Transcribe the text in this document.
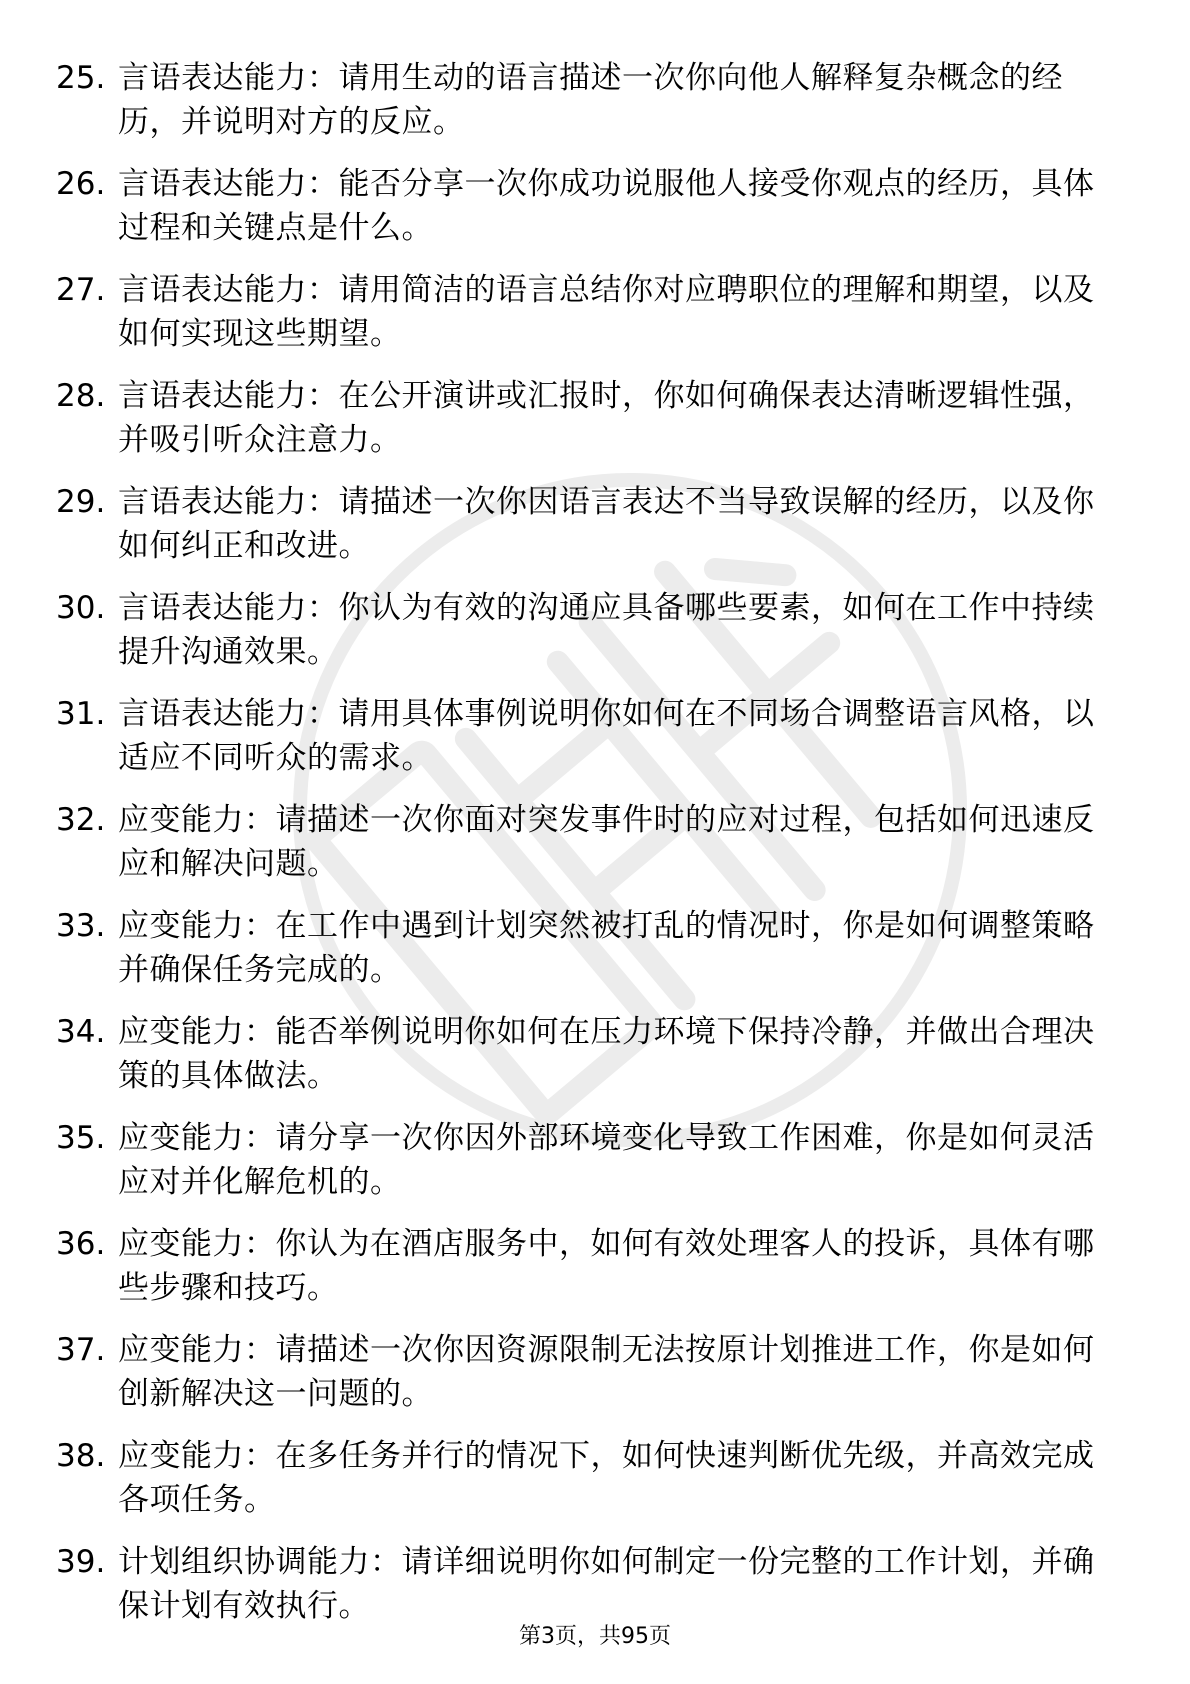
25. 言语表达能力：请用生动的语言描述一次你向他人解释复杂概念的经历，并说明对方的反应。
26. 言语表达能力：能否分享一次你成功说服他人接受你观点的经历，具体过程和关键点是什么。
27. 言语表达能力：请用简洁的语言总结你对应聘职位的理解和期望，以及如何实现这些期望。
28. 言语表达能力：在公开演讲或汇报时，你如何确保表达清晰逻辑性强，并吸引听众注意力。
29. 言语表达能力：请描述一次你因语言表达不当导致误解的经历，以及你如何纠正和改进。
30. 言语表达能力：你认为有效的沟通应具备哪些要素，如何在工作中持续提升沟通效果。
31. 言语表达能力：请用具体事例说明你如何在不同场合调整语言风格，以适应不同听众的需求。
32. 应变能力：请描述一次你面对突发事件时的应对过程，包括如何迅速反应和解决问题。
33. 应变能力：在工作中遇到计划突然被打乱的情况时，你是如何调整策略并确保任务完成的。
34. 应变能力：能否举例说明你如何在压力环境下保持冷静，并做出合理决策的具体做法。
35. 应变能力：请分享一次你因外部环境变化导致工作困难，你是如何灵活应对并化解危机的。
36. 应变能力：你认为在酒店服务中，如何有效处理客人的投诉，具体有哪些步骤和技巧。
37. 应变能力：请描述一次你因资源限制无法按原计划推进工作，你是如何创新解决这一问题的。
38. 应变能力：在多任务并行的情况下，如何快速判断优先级，并高效完成各项任务。
39. 计划组织协调能力：请详细说明你如何制定一份完整的工作计划，并确保计划有效执行。
第3页，共95页
